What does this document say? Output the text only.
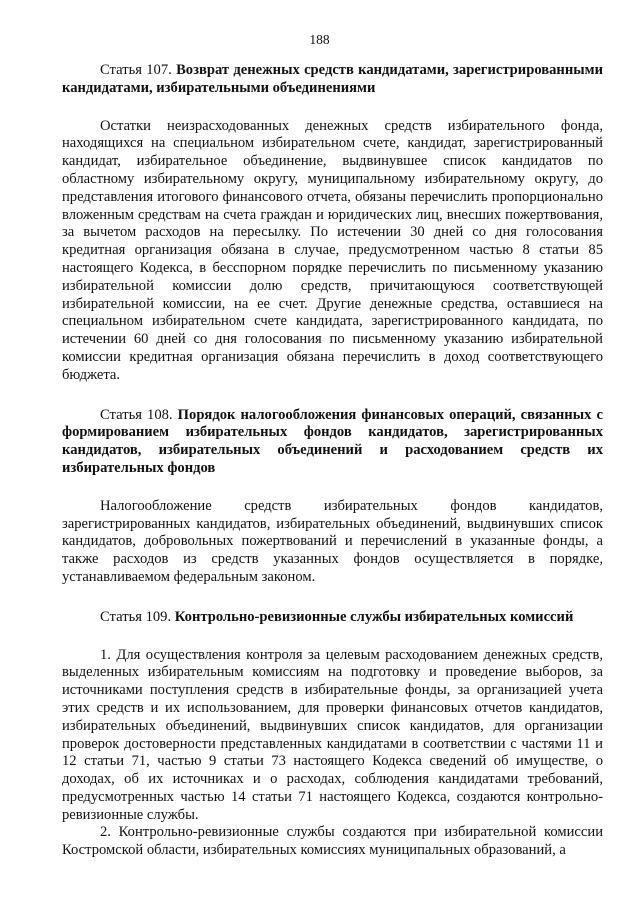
188

Статья 107. Возврат денежных средств кандидатами, зарегистрированными кандидатами, избирательными объединениями

Остатки неизрасходованных денежных средств избирательного фонда, находящихся на специальном избирательном счете, кандидат, зарегистрированный кандидат, избирательное объединение, выдвинувшее список кандидатов по областному избирательному округу, муниципальному избирательному округу, до представления итогового финансового отчета, обязаны перечислить пропорционально вложенным средствам на счета граждан и юридических лиц, внесших пожертвования, за вычетом расходов на пересылку. По истечении 30 дней со дня голосования кредитная организация обязана в случае, предусмотренном частью 8 статьи 85 настоящего Кодекса, в бесспорном порядке перечислить по письменному указанию избирательной комиссии долю средств, причитающуюся соответствующей избирательной комиссии, на ее счет. Другие денежные средства, оставшиеся на специальном избирательном счете кандидата, зарегистрированного кандидата, по истечении 60 дней со дня голосования по письменному указанию избирательной комиссии кредитная организация обязана перечислить в доход соответствующего бюджета.

Статья 108. Порядок налогообложения финансовых операций, связанных с формированием избирательных фондов кандидатов, зарегистрированных кандидатов, избирательных объединений и расходованием средств их избирательных фондов

Налогообложение средств избирательных фондов кандидатов, зарегистрированных кандидатов, избирательных объединений, выдвинувших список кандидатов, добровольных пожертвований и перечислений в указанные фонды, а также расходов из средств указанных фондов осуществляется в порядке, устанавливаемом федеральным законом.

Статья 109. Контрольно-ревизионные службы избирательных комиссий

1. Для осуществления контроля за целевым расходованием денежных средств, выделенных избирательным комиссиям на подготовку и проведение выборов, за источниками поступления средств в избирательные фонды, за организацией учета этих средств и их использованием, для проверки финансовых отчетов кандидатов, избирательных объединений, выдвинувших список кандидатов, для организации проверок достоверности представленных кандидатами в соответствии с частями 11 и 12 статьи 71, частью 9 статьи 73 настоящего Кодекса сведений об имуществе, о доходах, об их источниках и о расходах, соблюдения кандидатами требований, предусмотренных частью 14 статьи 71 настоящего Кодекса, создаются контрольно-ревизионные службы.

2. Контрольно-ревизионные службы создаются при избирательной комиссии Костромской области, избирательных комиссиях муниципальных образований, а
